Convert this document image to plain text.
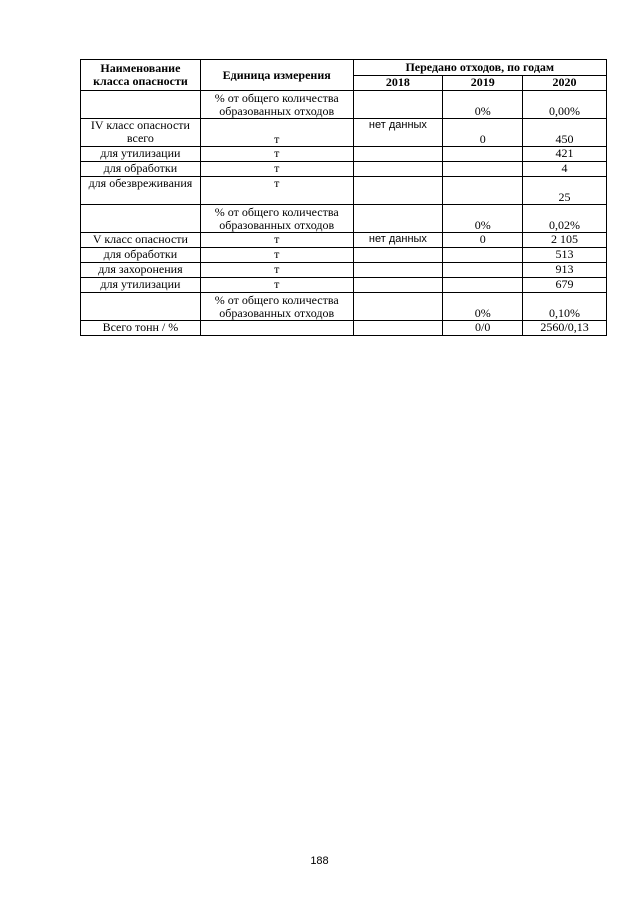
Наименование класса опасности	Единица измерения	Передано отходов, по годам		
		2018	2019	2020
	% от общего количества образованных отходов		0%	0,00%
IV класс опасности всего	т	нет данных	0	450
для утилизации	т			421
для обработки	т			4
для обезвреживания	т			25
	% от общего количества образованных отходов		0%	0,02%
V класс опасности	т	нет данных	0	2 105
для обработки	т			513
для захоронения	т			913
для утилизации	т			679
	% от общего количества образованных отходов		0%	0,10%
Всего тонн / %			0/0	2560/0,13
188
